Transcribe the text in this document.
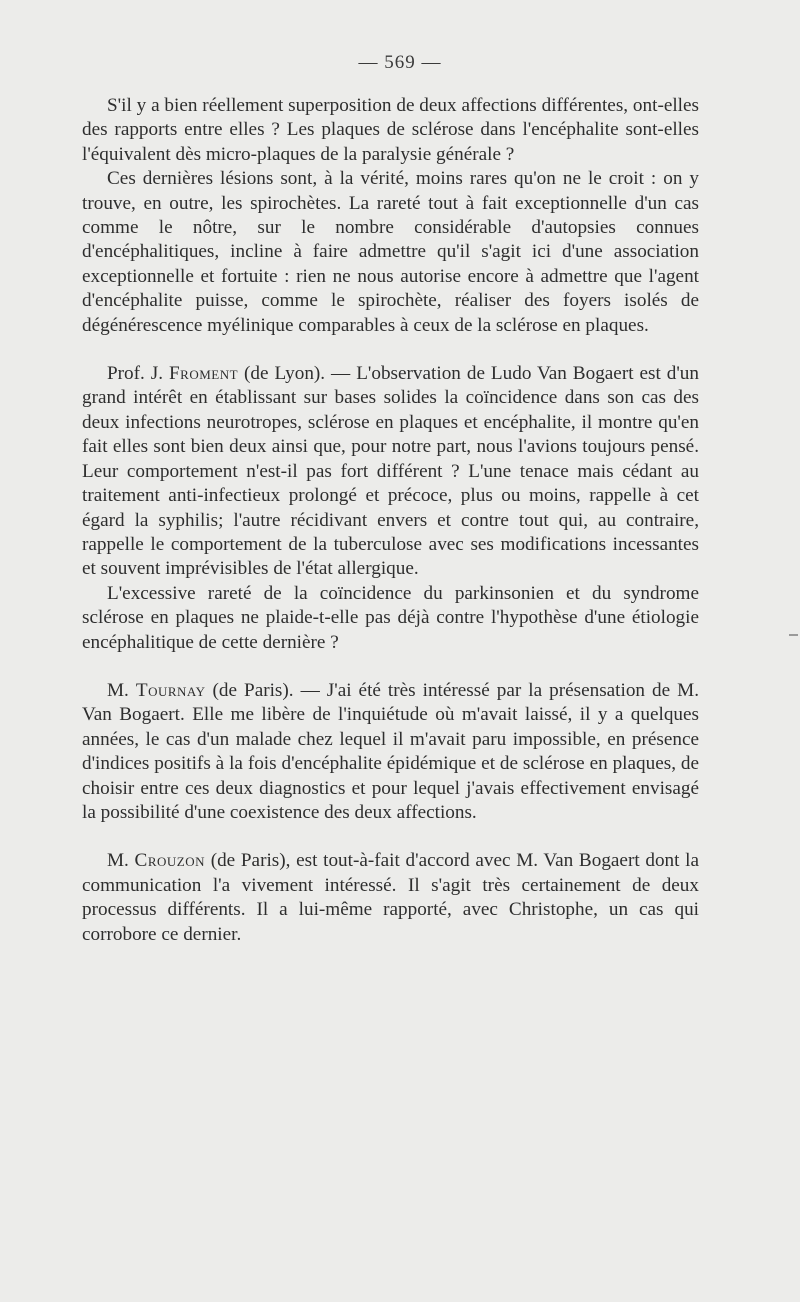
— 569 —

S'il y a bien réellement superposition de deux affections différentes, ont-elles des rapports entre elles ? Les plaques de sclérose dans l'encéphalite sont-elles l'équivalent dès micro-plaques de la paralysie générale ?

Ces dernières lésions sont, à la vérité, moins rares qu'on ne le croit : on y trouve, en outre, les spirochètes. La rareté tout à fait exceptionnelle d'un cas comme le nôtre, sur le nombre considérable d'autopsies connues d'encéphalitiques, incline à faire admettre qu'il s'agit ici d'une association exceptionnelle et fortuite : rien ne nous autorise encore à admettre que l'agent d'encéphalite puisse, comme le spirochète, réaliser des foyers isolés de dégénérescence myélinique comparables à ceux de la sclérose en plaques.

Prof. J. Froment (de Lyon). — L'observation de Ludo Van Bogaert est d'un grand intérêt en établissant sur bases solides la coïncidence dans son cas des deux infections neurotropes, sclérose en plaques et encéphalite, il montre qu'en fait elles sont bien deux ainsi que, pour notre part, nous l'avions toujours pensé. Leur comportement n'est-il pas fort différent ? L'une tenace mais cédant au traitement anti-infectieux prolongé et précoce, plus ou moins, rappelle à cet égard la syphilis; l'autre récidivant envers et contre tout qui, au contraire, rappelle le comportement de la tuberculose avec ses modifications incessantes et souvent imprévisibles de l'état allergique.

L'excessive rareté de la coïncidence du parkinsonien et du syndrome sclérose en plaques ne plaide-t-elle pas déjà contre l'hypothèse d'une étiologie encéphalitique de cette dernière ?

M. Tournay (de Paris). — J'ai été très intéressé par la présensation de M. Van Bogaert. Elle me libère de l'inquiétude où m'avait laissé, il y a quelques années, le cas d'un malade chez lequel il m'avait paru impossible, en présence d'indices positifs à la fois d'encéphalite épidémique et de sclérose en plaques, de choisir entre ces deux diagnostics et pour lequel j'avais effectivement envisagé la possibilité d'une coexistence des deux affections.

M. Crouzon (de Paris), est tout-à-fait d'accord avec M. Van Bogaert dont la communication l'a vivement intéressé. Il s'agit très certainement de deux processus différents. Il a lui-même rapporté, avec Christophe, un cas qui corrobore ce dernier.
